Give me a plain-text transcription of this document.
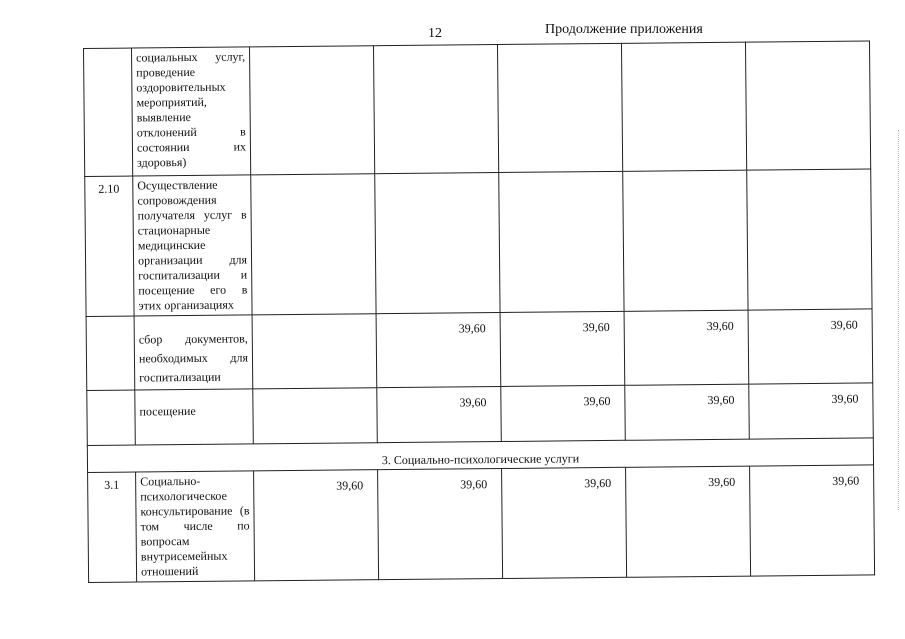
12	Продолжение приложения
	социальных услуг, проведение оздоровительных мероприятий, выявление отклонений в состоянии их здоровья)					
2.10	Осуществление сопровождения получателя услуг в стационарные медицинские организации для госпитализации и посещение его в этих организациях					
	сбор документов, необходимых для госпитализации		39,60	39,60	39,60	39,60
	посещение		39,60	39,60	39,60	39,60
3. Социально-психологические услуги						
3.1	Социально-психологическое консультирование (в том числе по вопросам внутрисемейных отношений	39,60	39,60	39,60	39,60	39,60
